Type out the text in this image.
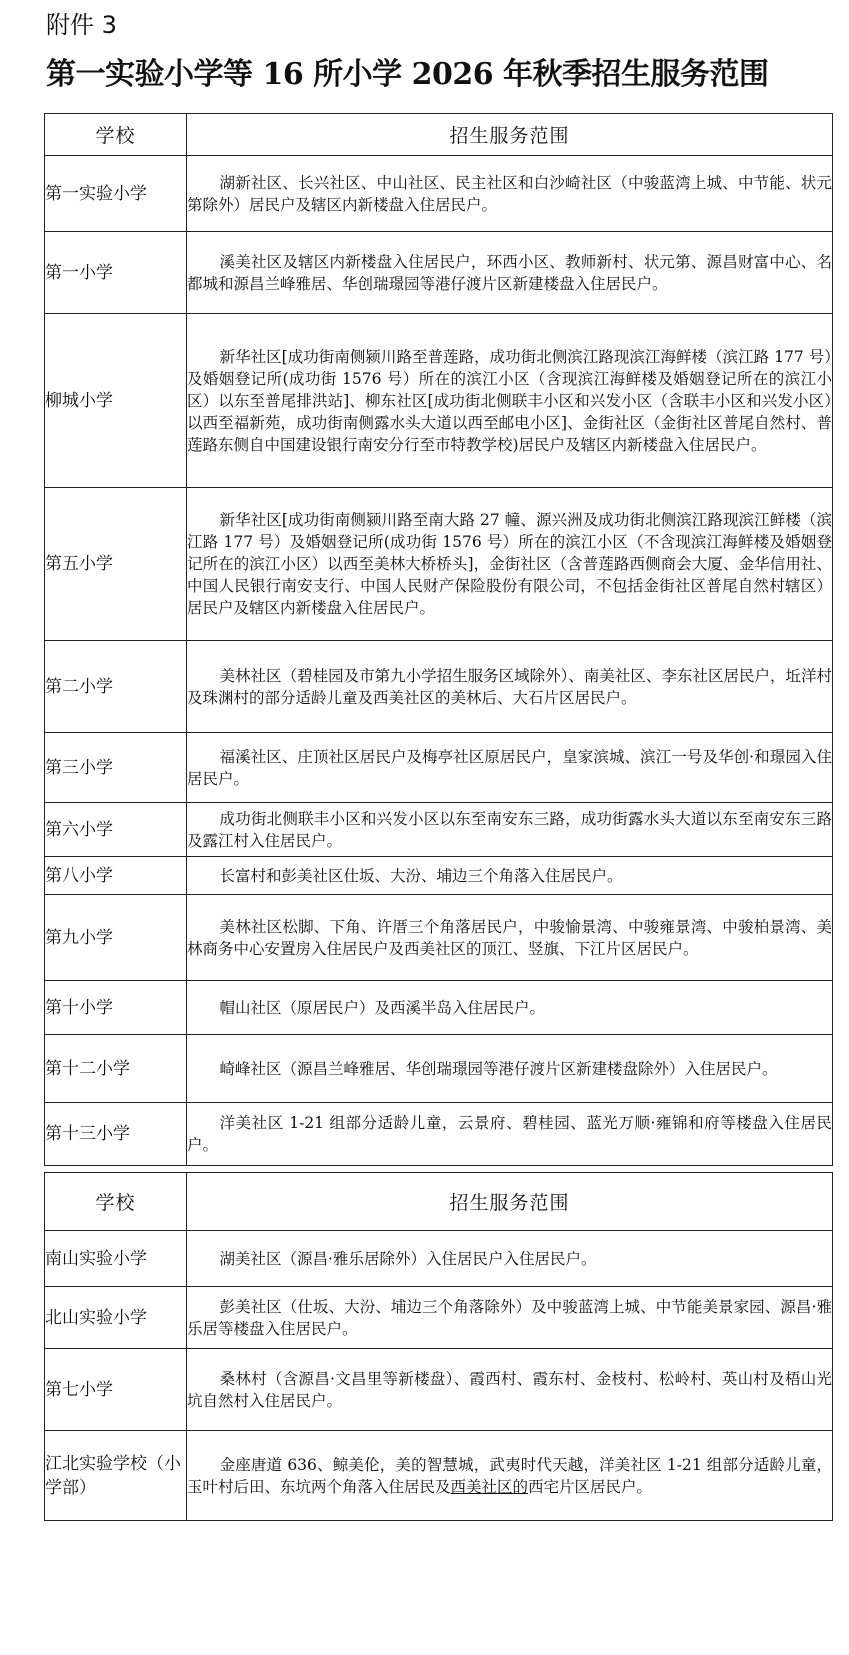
附件 3
第一实验小学等 16 所小学 2026 年秋季招生服务范围
学校	招生服务范围
第一实验小学	湖新社区、长兴社区、中山社区、民主社区和白沙崎社区（中骏蓝湾上城、中节能、状元第除外）居民户及辖区内新楼盘入住居民户。
第一小学	溪美社区及辖区内新楼盘入住居民户，环西小区、教师新村、状元第、源昌财富中心、名都城和源昌兰峰雅居、华创瑞璟园等港仔渡片区新建楼盘入住居民户。
柳城小学	新华社区[成功街南侧颍川路至普莲路，成功街北侧滨江路现滨江海鲜楼（滨江路 177 号）及婚姻登记所(成功街 1576 号）所在的滨江小区（含现滨江海鲜楼及婚姻登记所在的滨江小区）以东至普尾排洪站]、柳东社区[成功街北侧联丰小区和兴发小区（含联丰小区和兴发小区）以西至福新苑，成功街南侧露水头大道以西至邮电小区]、金街社区（金街社区普尾自然村、普莲路东侧自中国建设银行南安分行至市特教学校)居民户及辖区内新楼盘入住居民户。
第五小学	新华社区[成功街南侧颍川路至南大路 27 幢、源兴洲及成功街北侧滨江路现滨江鲜楼（滨江路 177 号）及婚姻登记所(成功街 1576 号）所在的滨江小区（不含现滨江海鲜楼及婚姻登记所在的滨江小区）以西至美林大桥桥头]，金街社区（含普莲路西侧商会大厦、金华信用社、中国人民银行南安支行、中国人民财产保险股份有限公司，不包括金街社区普尾自然村辖区）居民户及辖区内新楼盘入住居民户。
第二小学	美林社区（碧桂园及市第九小学招生服务区域除外）、南美社区、李东社区居民户，坵洋村及珠渊村的部分适龄儿童及西美社区的美林后、大石片区居民户。
第三小学	福溪社区、庄顶社区居民户及梅亭社区原居民户，皇家滨城、滨江一号及华创·和璟园入住居民户。
第六小学	成功街北侧联丰小区和兴发小区以东至南安东三路，成功街露水头大道以东至南安东三路及露江村入住居民户。
第八小学	长富村和彭美社区仕坂、大汾、埔边三个角落入住居民户。
第九小学	美林社区松脚、下角、许厝三个角落居民户，中骏愉景湾、中骏雍景湾、中骏柏景湾、美林商务中心安置房入住居民户及西美社区的顶江、竖旗、下江片区居民户。
第十小学	帽山社区（原居民户）及西溪半岛入住居民户。
第十二小学	崎峰社区（源昌兰峰雅居、华创瑞璟园等港仔渡片区新建楼盘除外）入住居民户。
第十三小学	洋美社区 1-21 组部分适龄儿童，云景府、碧桂园、蓝光万顺·雍锦和府等楼盘入住居民户。
学校	招生服务范围
南山实验小学	湖美社区（源昌·雅乐居除外）入住居民户入住居民户。
北山实验小学	彭美社区（仕坂、大汾、埔边三个角落除外）及中骏蓝湾上城、中节能美景家园、源昌·雅乐居等楼盘入住居民户。
第七小学	桑林村（含源昌·文昌里等新楼盘）、霞西村、霞东村、金枝村、松岭村、英山村及梧山光坑自然村入住居民户。
江北实验学校（小学部）	金座唐道 636、鲸美伦，美的智慧城，武夷时代天越，洋美社区 1-21 组部分适龄儿童，玉叶村后田、东坑两个角落入住居民及西美社区的西宅片区居民户。
